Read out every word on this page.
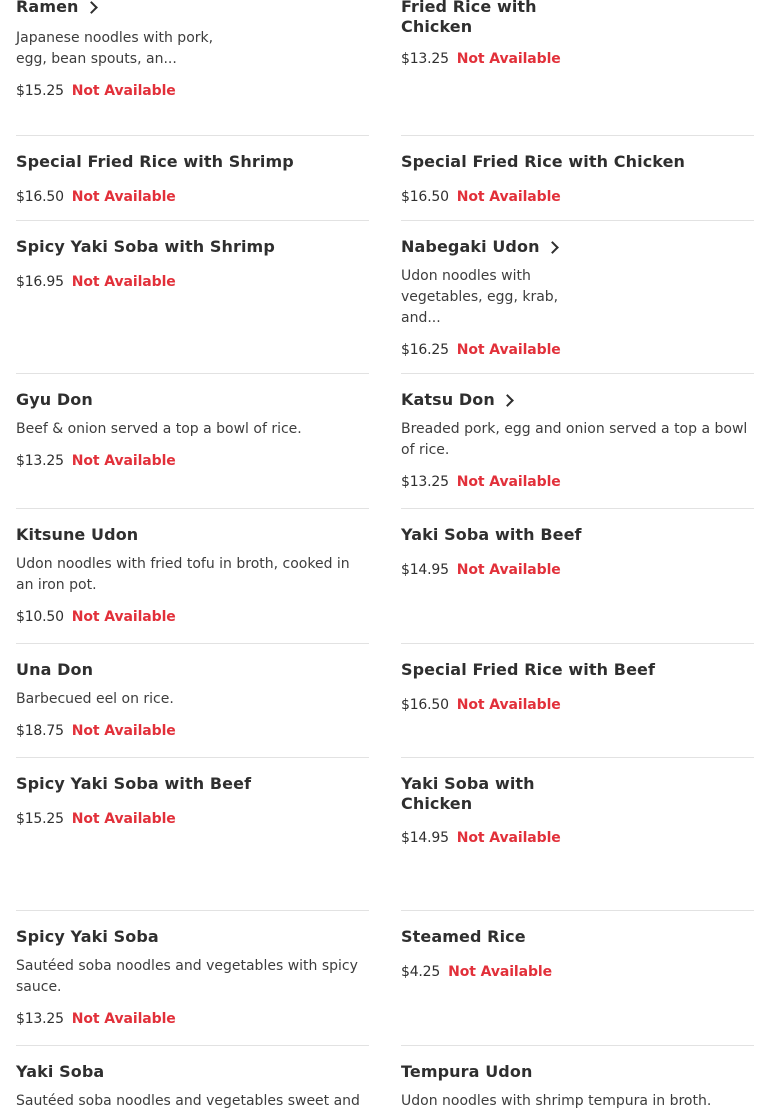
Ramen
Japanese noodles with pork, egg, bean spouts, an...
$15.25 Not Available
Special Fried Rice with Shrimp
$16.50 Not Available
Spicy Yaki Soba with Shrimp
$16.95 Not Available
Gyu Don
Beef & onion served a top a bowl of rice.
$13.25 Not Available
Kitsune Udon
Udon noodles with fried tofu in broth, cooked in an iron pot.
$10.50 Not Available
Una Don
Barbecued eel on rice.
$18.75 Not Available
Spicy Yaki Soba with Beef
$15.25 Not Available
Spicy Yaki Soba
Sautéed soba noodles and vegetables with spicy sauce.
$13.25 Not Available
Yaki Soba
Sautéed soba noodles and vegetables sweet and
Fried Rice with Chicken
$13.25 Not Available
Special Fried Rice with Chicken
$16.50 Not Available
Nabegaki Udon
Udon noodles with vegetables, egg, krab, and...
$16.25 Not Available
Katsu Don
Breaded pork, egg and onion served a top a bowl of rice.
$13.25 Not Available
Yaki Soba with Beef
$14.95 Not Available
Special Fried Rice with Beef
$16.50 Not Available
Yaki Soba with Chicken
$14.95 Not Available
Steamed Rice
$4.25 Not Available
Tempura Udon
Udon noodles with shrimp tempura in broth.
